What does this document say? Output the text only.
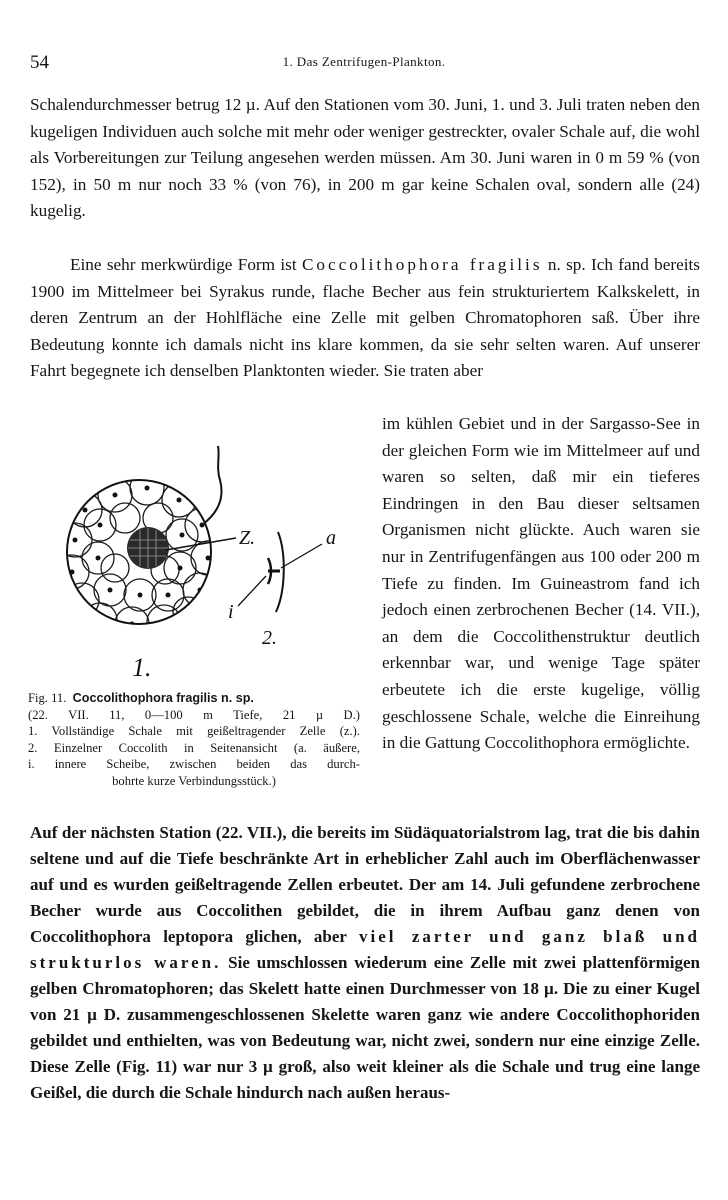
54	1. Das Zentrifugen-Plankton.

Schalendurchmesser betrug 12 µ. Auf den Stationen vom 30. Juni, 1. und 3. Juli traten neben den kugeligen Individuen auch solche mit mehr oder weniger gestreckter, ovaler Schale auf, die wohl als Vorbereitungen zur Teilung angesehen werden müssen. Am 30. Juni waren in 0 m 59 % (von 152), in 50 m nur noch 33 % (von 76), in 200 m gar keine Schalen oval, sondern alle (24) kugelig.

Eine sehr merkwürdige Form ist Coccolithophora fragilis n. sp. Ich fand bereits 1900 im Mittelmeer bei Syrakus runde, flache Becher aus fein strukturiertem Kalkskelett, in deren Zentrum an der Hohlfläche eine Zelle mit gelben Chromatophoren saß. Über ihre Bedeutung konnte ich damals nicht ins klare kommen, da sie sehr selten waren. Auf unserer Fahrt begegnete ich denselben Planktonten wieder. Sie traten aber

im kühlen Gebiet und in der Sargasso-See in der gleichen Form wie im Mittelmeer auf und waren so selten, daß mir ein tieferes Eindringen in den Bau dieser seltsamen Organismen nicht glückte. Auch waren sie nur in Zentrifugenfängen aus 100 oder 200 m Tiefe zu finden. Im Guineastrom fand ich jedoch einen zerbrochenen Becher (14. VII.), an dem die Coccolithenstruktur deutlich erkennbar war, und wenige Tage später erbeutete ich die erste kugelige, völlig geschlossene Schale, welche die Einreihung in die Gattung Coccolithophora ermöglichte.

Z.	a
i
2.
1.
Fig. 11. Coccolithophora fragilis n. sp.
(22. VII. 11, 0—100 m Tiefe, 21 µ D.)
1. Vollständige Schale mit geißeltragender Zelle (z.).
2. Einzelner Coccolith in Seitenansicht (a. äußere,
i. innere Scheibe, zwischen beiden das durch-
bohrte kurze Verbindungsstück.)

Auf der nächsten Station (22. VII.), die bereits im Südäquatorialstrom lag, trat die bis dahin seltene und auf die Tiefe beschränkte Art in erheblicher Zahl auch im Oberflächenwasser auf und es wurden geißeltragende Zellen erbeutet. Der am 14. Juli gefundene zerbrochene Becher wurde aus Coccolithen gebildet, die in ihrem Aufbau ganz denen von Coccolithophora leptopora glichen, aber viel zarter und ganz blaß und strukturlos waren. Sie umschlossen wiederum eine Zelle mit zwei plattenförmigen gelben Chromatophoren; das Skelett hatte einen Durchmesser von 18 µ. Die zu einer Kugel von 21 µ D. zusammengeschlossenen Skelette waren ganz wie andere Coccolithophoriden gebildet und enthielten, was von Bedeutung war, nicht zwei, sondern nur eine einzige Zelle. Diese Zelle (Fig. 11) war nur 3 µ groß, also weit kleiner als die Schale und trug eine lange Geißel, die durch die Schale hindurch nach außen heraus-
